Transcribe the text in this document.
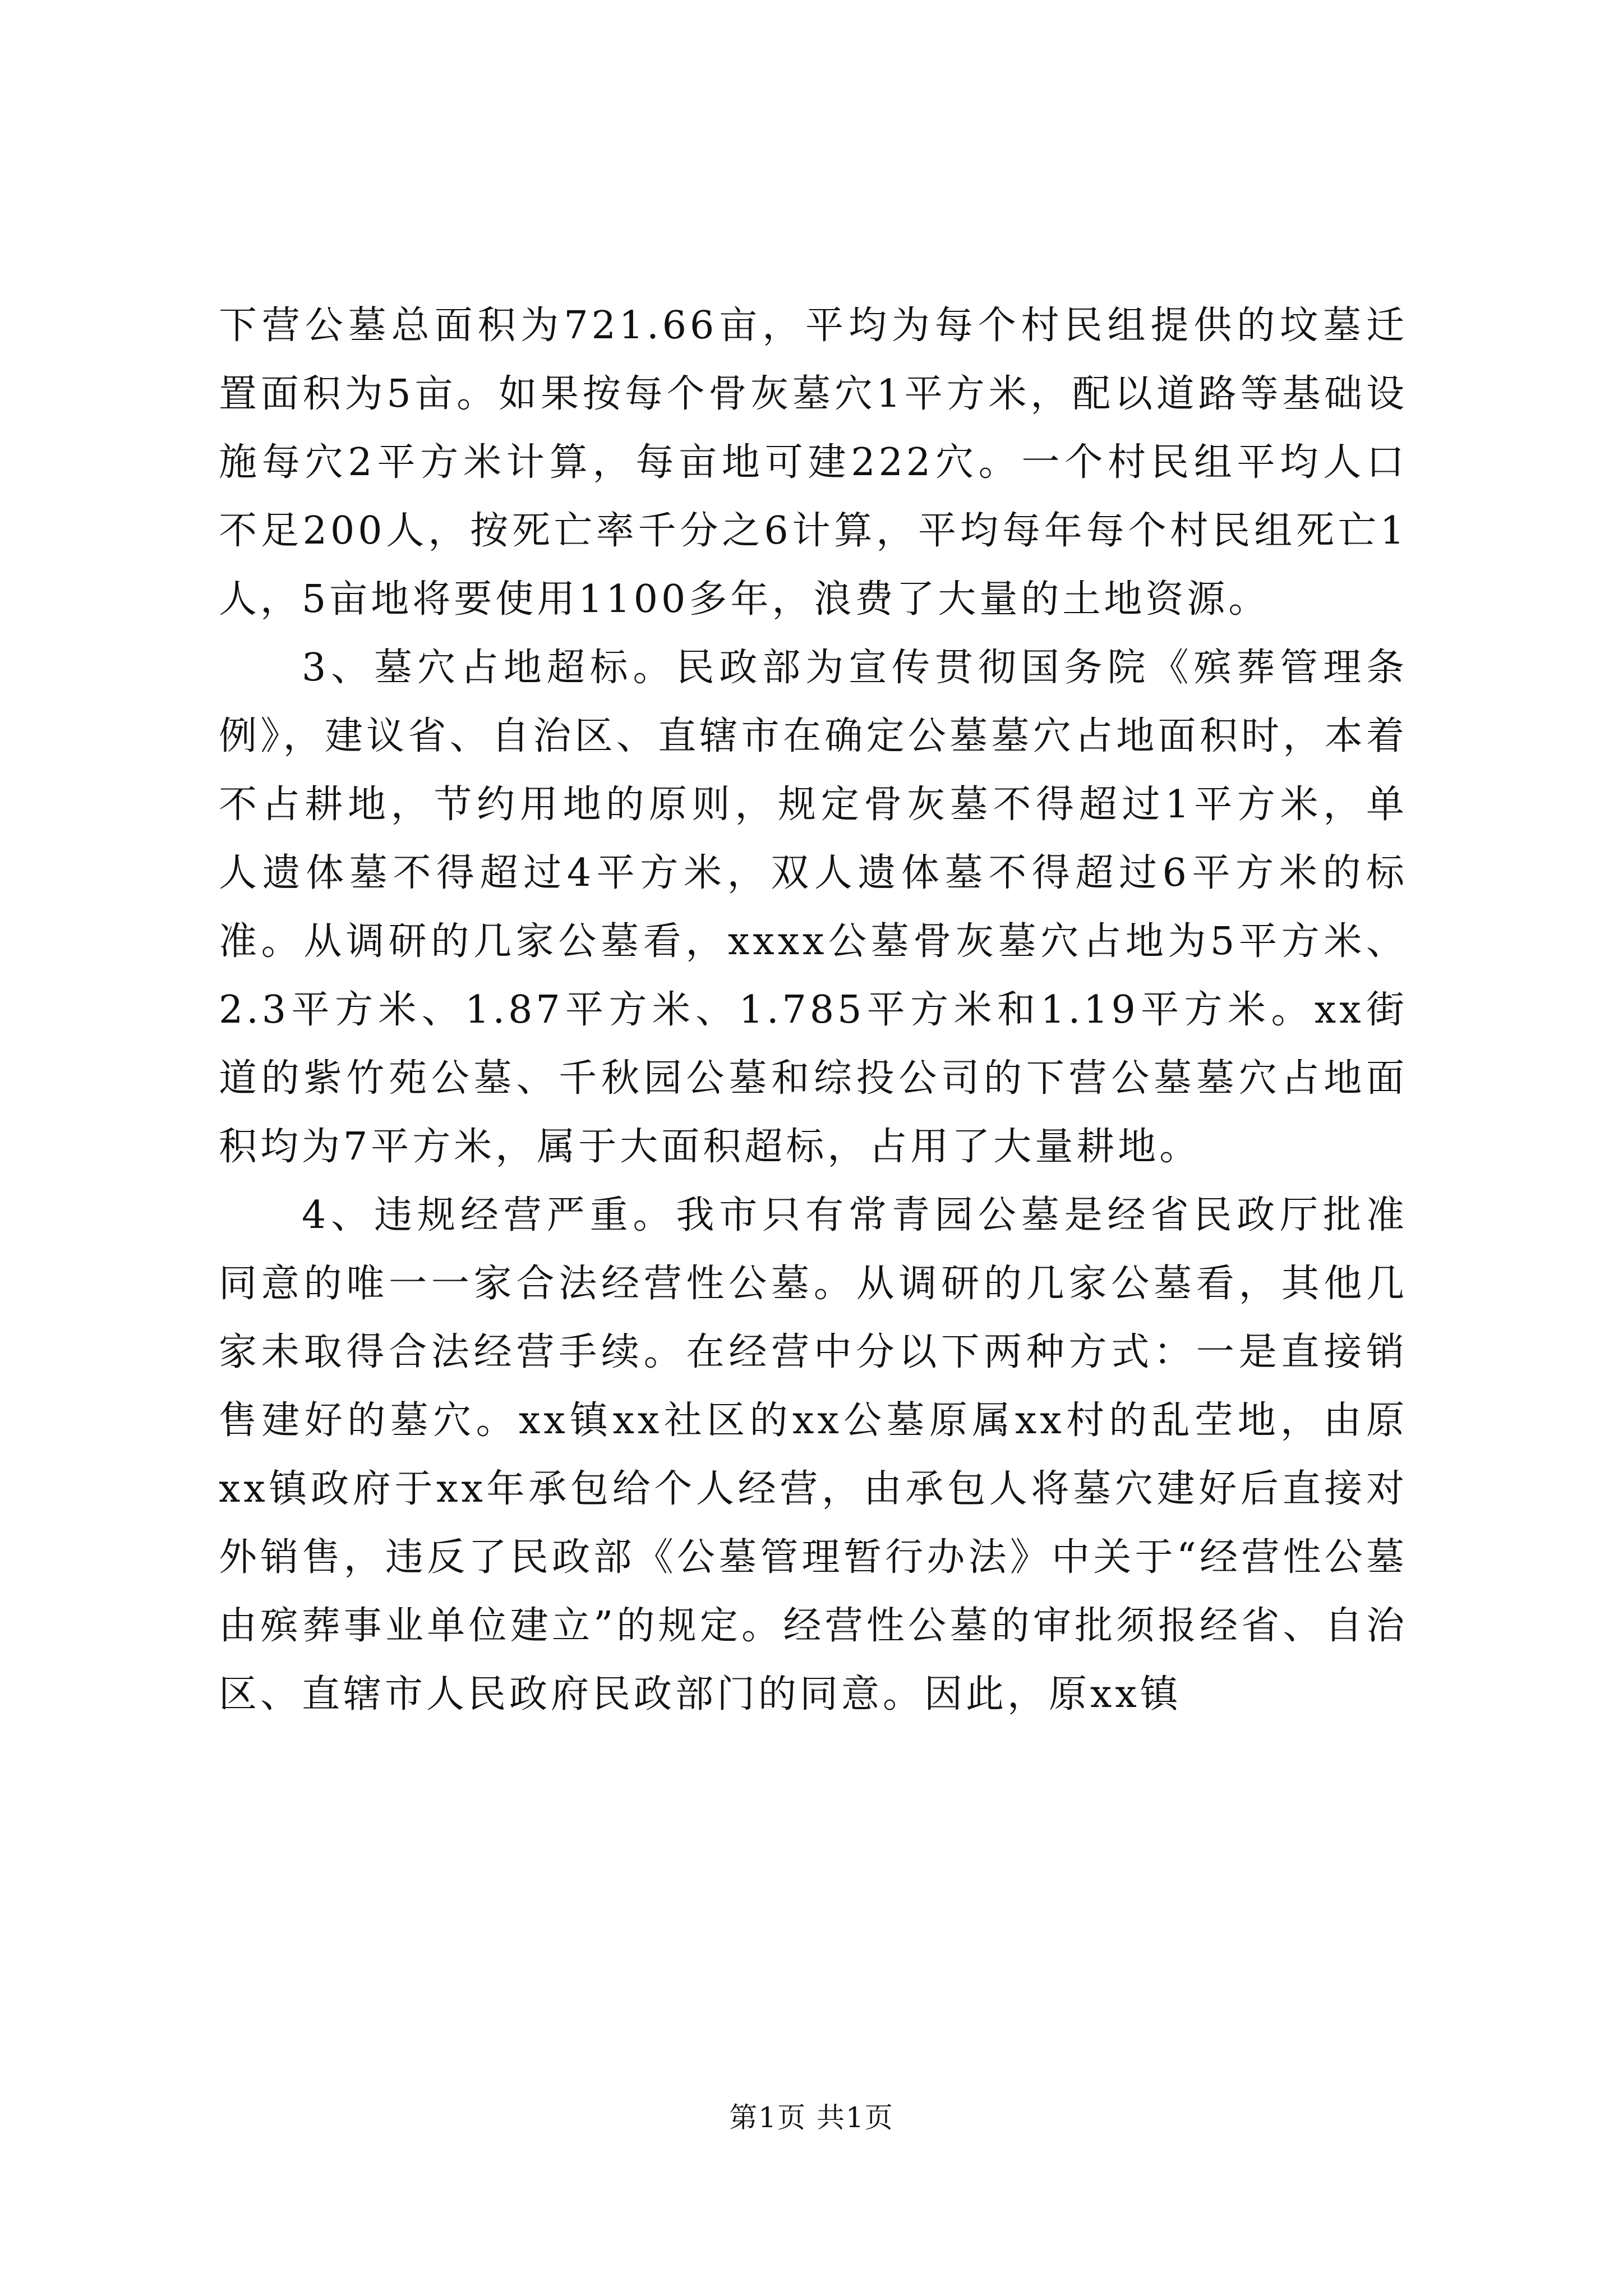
下营公墓总面积为721.66亩，平均为每个村民组提供的坟墓迁置面积为5亩。如果按每个骨灰墓穴1平方米，配以道路等基础设施每穴2平方米计算，每亩地可建222穴。一个村民组平均人口不足200人，按死亡率千分之6计算，平均每年每个村民组死亡1人，5亩地将要使用1100多年，浪费了大量的土地资源。

3、墓穴占地超标。民政部为宣传贯彻国务院《殡葬管理条例》，建议省、自治区、直辖市在确定公墓墓穴占地面积时，本着不占耕地，节约用地的原则，规定骨灰墓不得超过1平方米，单人遗体墓不得超过4平方米，双人遗体墓不得超过6平方米的标准。从调研的几家公墓看，xxxx公墓骨灰墓穴占地为5平方米、2.3平方米、1.87平方米、1.785平方米和1.19平方米。xx街道的紫竹苑公墓、千秋园公墓和综投公司的下营公墓墓穴占地面积均为7平方米，属于大面积超标，占用了大量耕地。

4、违规经营严重。我市只有常青园公墓是经省民政厅批准同意的唯一一家合法经营性公墓。从调研的几家公墓看，其他几家未取得合法经营手续。在经营中分以下两种方式：一是直接销售建好的墓穴。xx镇xx社区的xx公墓原属xx村的乱茔地，由原xx镇政府于xx年承包给个人经营，由承包人将墓穴建好后直接对外销售，违反了民政部《公墓管理暂行办法》中关于“经营性公墓由殡葬事业单位建立”的规定。经营性公墓的审批须报经省、自治区、直辖市人民政府民政部门的同意。因此，原xx镇

第1页 共1页
